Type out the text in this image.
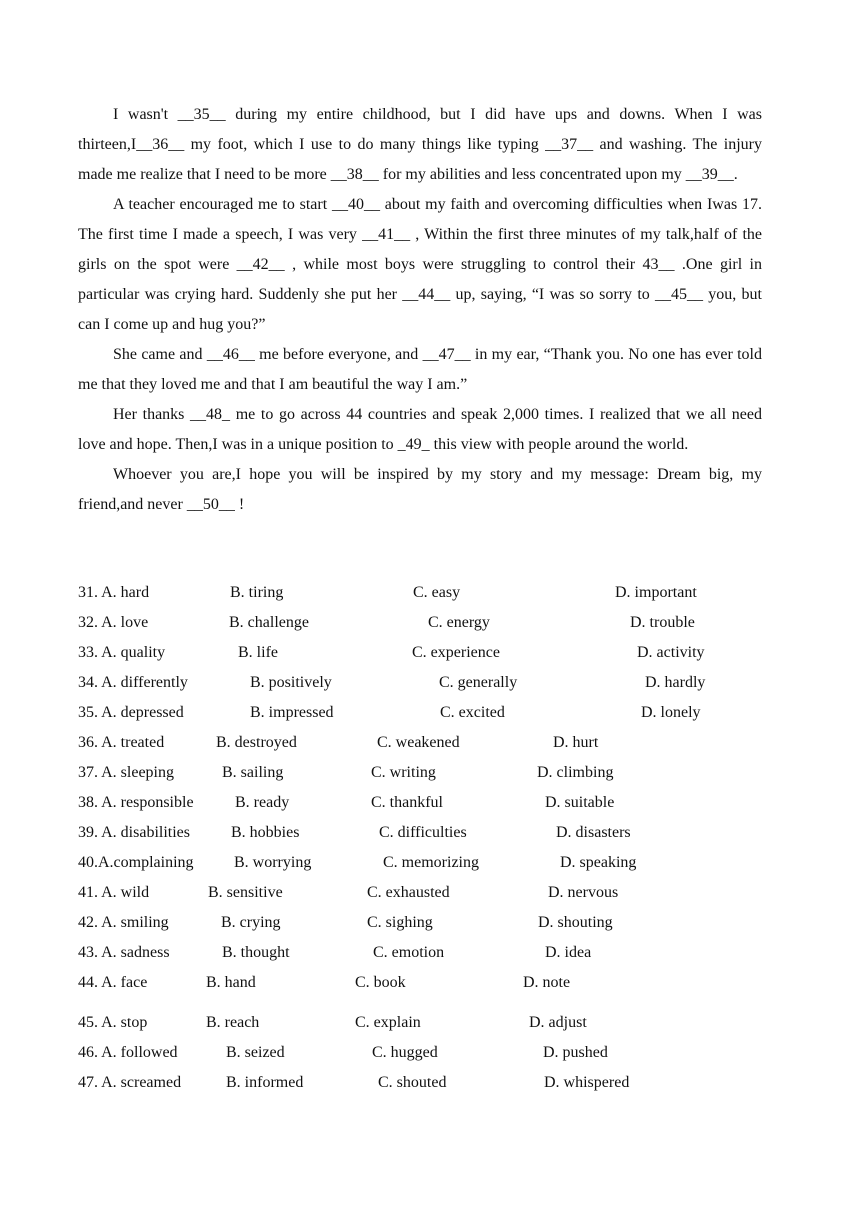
I wasn't __35__ during my entire childhood, but I did have ups and downs. When I was thirteen,I__36__ my foot, which I use to do many things like typing __37__ and washing. The injury made me realize that I need to be more __38__ for my abilities and less concentrated upon my __39__.

A teacher encouraged me to start __40__ about my faith and overcoming difficulties when Iwas 17. The first time I made a speech, I was very __41__ , Within the first three minutes of my talk,half of the girls on the spot were __42__ , while most boys were struggling to control their 43__ .One girl in particular was crying hard. Suddenly she put her __44__ up, saying, “I was so sorry to __45__ you, but can I come up and hug you?”

She came and __46__ me before everyone, and __47__ in my ear, “Thank you. No one has ever told me that they loved me and that I am beautiful the way I am.”

Her thanks __48_ me to go across 44 countries and speak 2,000 times. I realized that we all need love and hope. Then,I was in a unique position to _49_ this view with people around the world.

Whoever you are,I hope you will be inspired by my story and my message: Dream big, my friend,and never __50__ !

31. A. hard	B. tiring	C. easy	D. important
32. A. love	B. challenge	C. energy	D. trouble
33. A. quality	B. life	C. experience	D. activity
34. A. differently	B. positively	C. generally	D. hardly
35. A. depressed	B. impressed	C. excited	D. lonely
36. A. treated	B. destroyed	C. weakened	D. hurt
37. A. sleeping	B. sailing	C. writing	D. climbing
38. A. responsible	B. ready	C. thankful	D. suitable
39. A. disabilities	B. hobbies	C. difficulties	D. disasters
40.A.complaining	B. worrying	C. memorizing	D. speaking
41. A. wild	B. sensitive	C. exhausted	D. nervous
42. A. smiling	B. crying	C. sighing	D. shouting
43. A. sadness	B. thought	C. emotion	D. idea
44. A. face	B. hand	C. book	D. note
45. A. stop	B. reach	C. explain	D. adjust
46. A. followed	B. seized	C. hugged	D. pushed
47. A. screamed	B. informed	C. shouted	D. whispered
